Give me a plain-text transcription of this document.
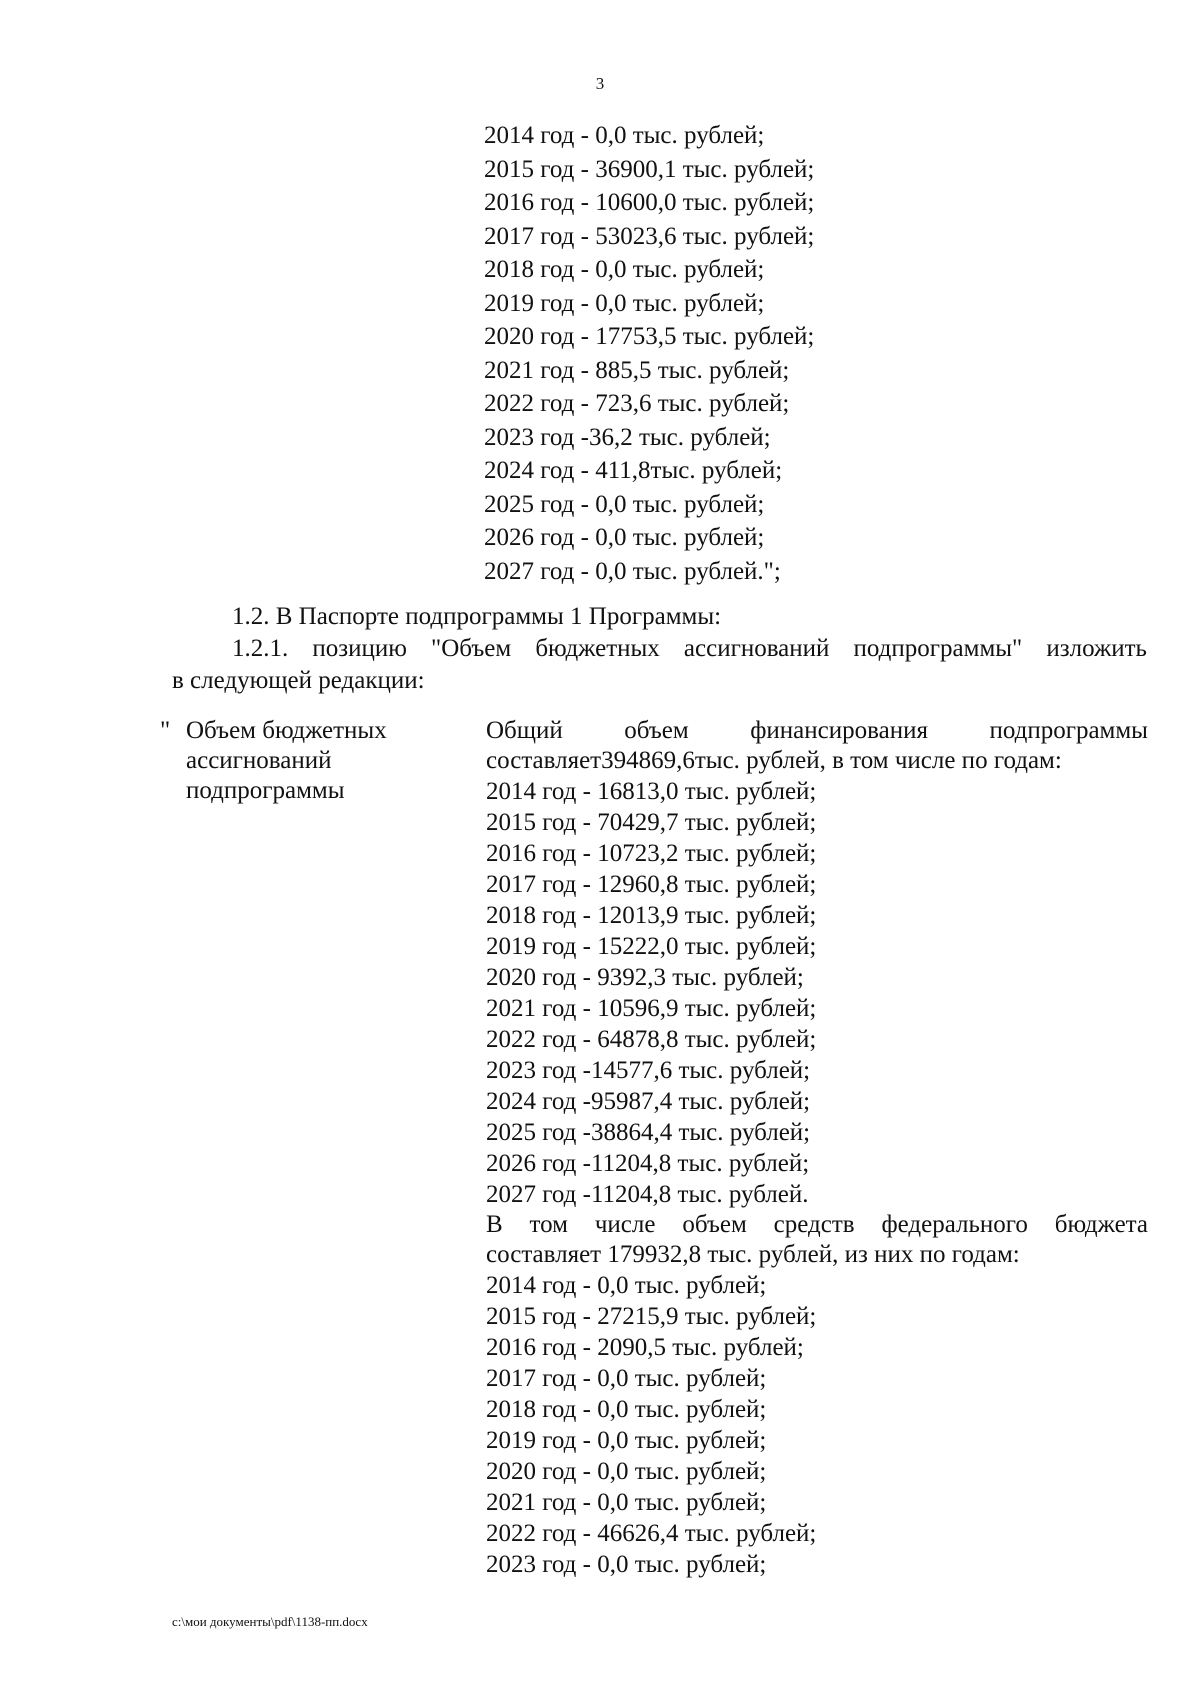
3
2014 год - 0,0 тыс. рублей;
2015 год - 36900,1 тыс. рублей;
2016 год - 10600,0 тыс. рублей;
2017 год - 53023,6 тыс. рублей;
2018 год - 0,0 тыс. рублей;
2019 год - 0,0 тыс. рублей;
2020 год - 17753,5 тыс. рублей;
2021 год - 885,5 тыс. рублей;
2022 год - 723,6 тыс. рублей;
2023 год -36,2 тыс. рублей;
2024 год - 411,8тыс. рублей;
2025 год - 0,0 тыс. рублей;
2026 год - 0,0 тыс. рублей;
2027 год - 0,0 тыс. рублей.";
1.2. В Паспорте подпрограммы 1 Программы:
1.2.1. позицию "Объем бюджетных ассигнований подпрограммы" изложить
в следующей редакции:
" Объем бюджетных
ассигнований
подпрограммы
Общий объем финансирования подпрограммы
составляет394869,6тыс. рублей, в том числе по годам:
2014 год - 16813,0 тыс. рублей;
2015 год - 70429,7 тыс. рублей;
2016 год - 10723,2 тыс. рублей;
2017 год - 12960,8 тыс. рублей;
2018 год - 12013,9 тыс. рублей;
2019 год - 15222,0 тыс. рублей;
2020 год - 9392,3 тыс. рублей;
2021 год - 10596,9 тыс. рублей;
2022 год - 64878,8 тыс. рублей;
2023 год -14577,6 тыс. рублей;
2024 год -95987,4 тыс. рублей;
2025 год -38864,4 тыс. рублей;
2026 год -11204,8 тыс. рублей;
2027 год -11204,8 тыс. рублей.
В том числе объем средств федерального бюджета
составляет 179932,8 тыс. рублей, из них по годам:
2014 год - 0,0 тыс. рублей;
2015 год - 27215,9 тыс. рублей;
2016 год - 2090,5 тыс. рублей;
2017 год - 0,0 тыс. рублей;
2018 год - 0,0 тыс. рублей;
2019 год - 0,0 тыс. рублей;
2020 год - 0,0 тыс. рублей;
2021 год - 0,0 тыс. рублей;
2022 год - 46626,4 тыс. рублей;
2023 год - 0,0 тыс. рублей;
c:\мои документы\pdf\1138-пп.docx
